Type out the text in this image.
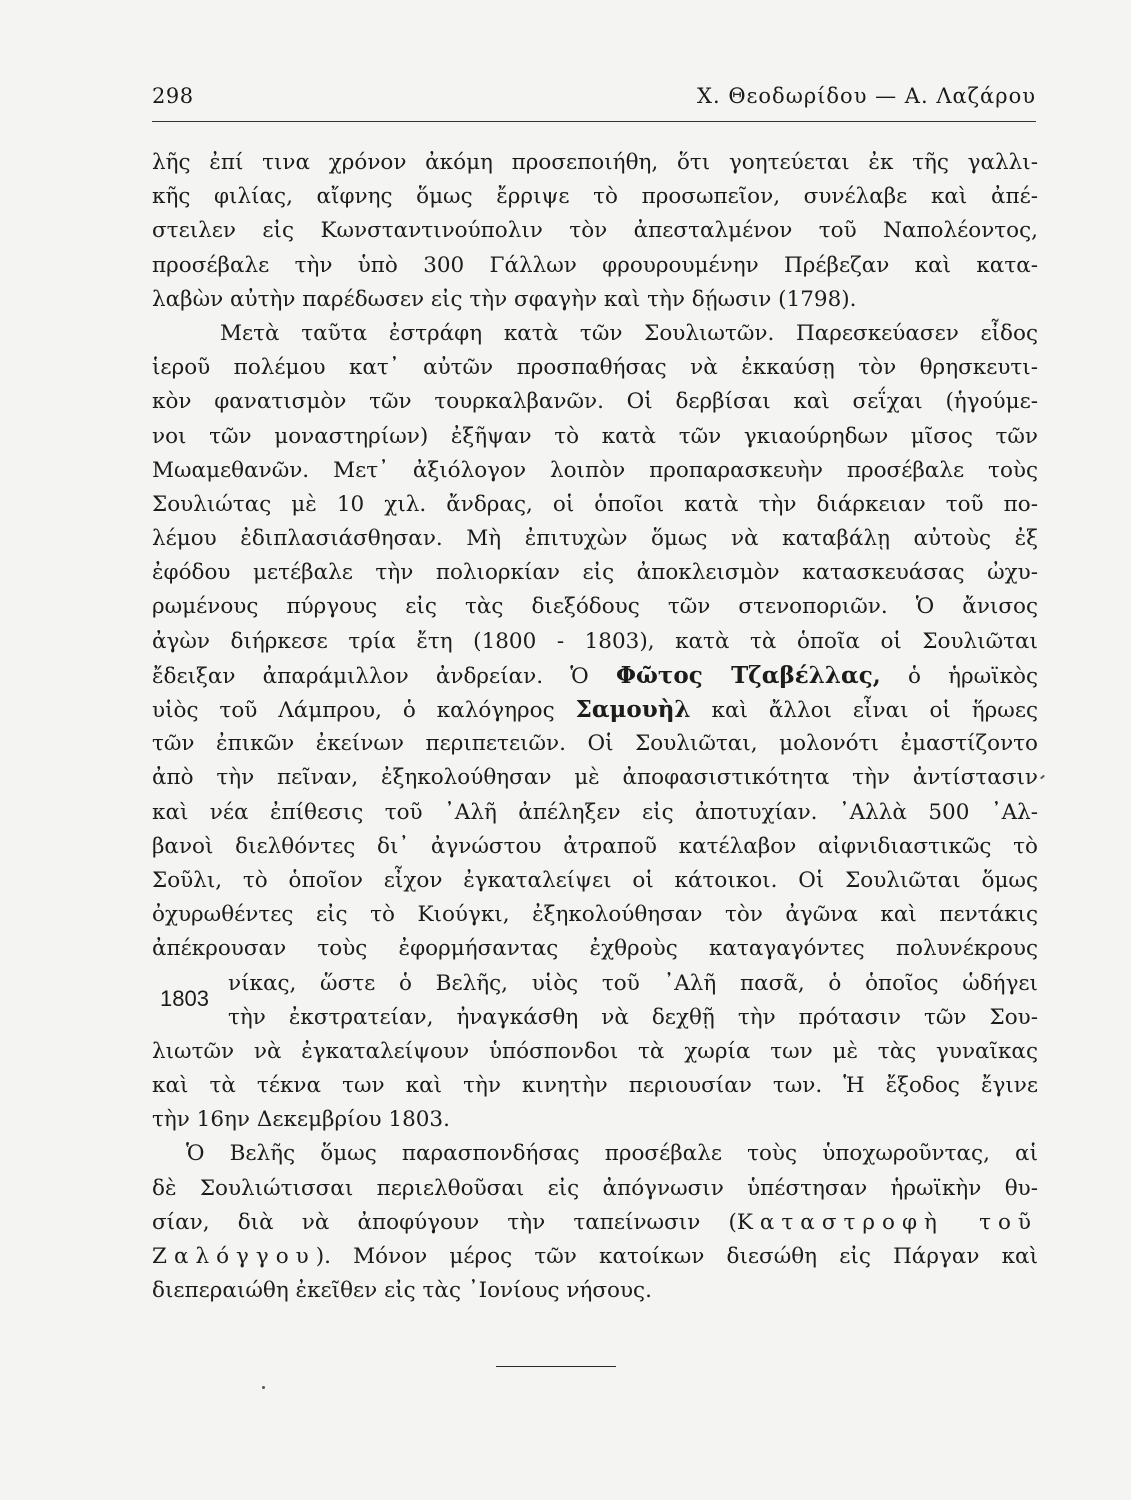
298	Χ. Θεοδωρίδου — Α. Λαζάρου
λῆς ἐπί τινα χρόνον ἀκόμη προσεποιήθη, ὅτι γοητεύεται ἐκ τῆς γαλλι-
κῆς φιλίας, αἴφνης ὅμως ἔρριψε τὸ προσωπεῖον, συνέλαβε καὶ ἀπέ-
στειλεν εἰς Κωνσταντινούπολιν τὸν ἀπεσταλμένον τοῦ Ναπολέοντος,
προσέβαλε τὴν ὑπὸ 300 Γάλλων φρουρουμένην Πρέβεζαν καὶ κατα-
λαβὼν αὐτὴν παρέδωσεν εἰς τὴν σφαγὴν καὶ τὴν δῄωσιν (1798).
Μετὰ ταῦτα ἐστράφη κατὰ τῶν Σουλιωτῶν. Παρεσκεύασεν εἶδος
ἱεροῦ πολέμου κατ᾽ αὐτῶν προσπαθήσας νὰ ἐκκαύσῃ τὸν θρησκευτι-
κὸν φανατισμὸν τῶν τουρκαλβανῶν. Οἱ δερβίσαι καὶ σεΐχαι (ἡγούμε-
νοι τῶν μοναστηρίων) ἐξῆψαν τὸ κατὰ τῶν γκιαούρηδων μῖσος τῶν
Μωαμεθανῶν. Μετ᾽ ἀξιόλογον λοιπὸν προπαρασκευὴν προσέβαλε τοὺς
Σουλιώτας μὲ 10 χιλ. ἄνδρας, οἱ ὁποῖοι κατὰ τὴν διάρκειαν τοῦ πο-
λέμου ἐδιπλασιάσθησαν. Μὴ ἐπιτυχὼν ὅμως νὰ καταβάλῃ αὐτοὺς ἐξ
ἐφόδου μετέβαλε τὴν πολιορκίαν εἰς ἀποκλεισμὸν κατασκευάσας ὠχυ-
ρωμένους πύργους εἰς τὰς διεξόδους τῶν στενοποριῶν. Ὁ ἄνισος
ἀγὼν διήρκεσε τρία ἔτη (1800 - 1803), κατὰ τὰ ὁποῖα οἱ Σουλιῶται
ἔδειξαν ἀπαράμιλλον ἀνδρείαν. Ὁ Φῶτος Τζαβέλλας, ὁ ἡρωϊκὸς
υἱὸς τοῦ Λάμπρου, ὁ καλόγηρος Σαμουὴλ καὶ ἄλλοι εἶναι οἱ ἥρωες
τῶν ἐπικῶν ἐκείνων περιπετειῶν. Οἱ Σουλιῶται, μολονότι ἐμαστίζοντο
ἀπὸ τὴν πεῖναν, ἐξηκολούθησαν μὲ ἀποφασιστικότητα τὴν ἀντίστασιν
καὶ νέα ἐπίθεσις τοῦ ᾿Αλῆ ἀπέληξεν εἰς ἀποτυχίαν. ᾿Αλλὰ 500 ᾿Αλ-
βανοὶ διελθόντες δι᾽ ἀγνώστου ἀτραποῦ κατέλαβον αἰφνιδιαστικῶς τὸ
Σοῦλι, τὸ ὁποῖον εἶχον ἐγκαταλείψει οἱ κάτοικοι. Οἱ Σουλιῶται ὅμως
ὀχυρωθέντες εἰς τὸ Κιούγκι, ἐξηκολούθησαν τὸν ἀγῶνα καὶ πεντάκις
ἀπέκρουσαν τοὺς ἐφορμήσαντας ἐχθροὺς καταγαγόντες πολυνέκρους
νίκας, ὥστε ὁ Βελῆς, υἱὸς τοῦ ᾿Αλῆ πασᾶ, ὁ ὁποῖος ὡδήγει
τὴν ἐκστρατείαν, ἠναγκάσθη νὰ δεχθῇ τὴν πρότασιν τῶν Σου-
λιωτῶν νὰ ἐγκαταλείψουν ὑπόσπονδοι τὰ χωρία των μὲ τὰς γυναῖκας
καὶ τὰ τέκνα των καὶ τὴν κινητὴν περιουσίαν των. Ἡ ἔξοδος ἔγινε
τὴν 16ην Δεκεμβρίου 1803.
Ὁ Βελῆς ὅμως παρασπονδήσας προσέβαλε τοὺς ὑποχωροῦντας, αἱ
δὲ Σουλιώτισσαι περιελθοῦσαι εἰς ἀπόγνωσιν ὑπέστησαν ἡρωϊκὴν θυ-
σίαν, διὰ νὰ ἀποφύγουν τὴν ταπείνωσιν (Καταστροφὴ τοῦ
Ζαλόγγου). Μόνον μέρος τῶν κατοίκων διεσώθη εἰς Πάργαν καὶ
διεπεραιώθη ἐκεῖθεν εἰς τὰς ᾿Ιονίους νήσους.
1803
